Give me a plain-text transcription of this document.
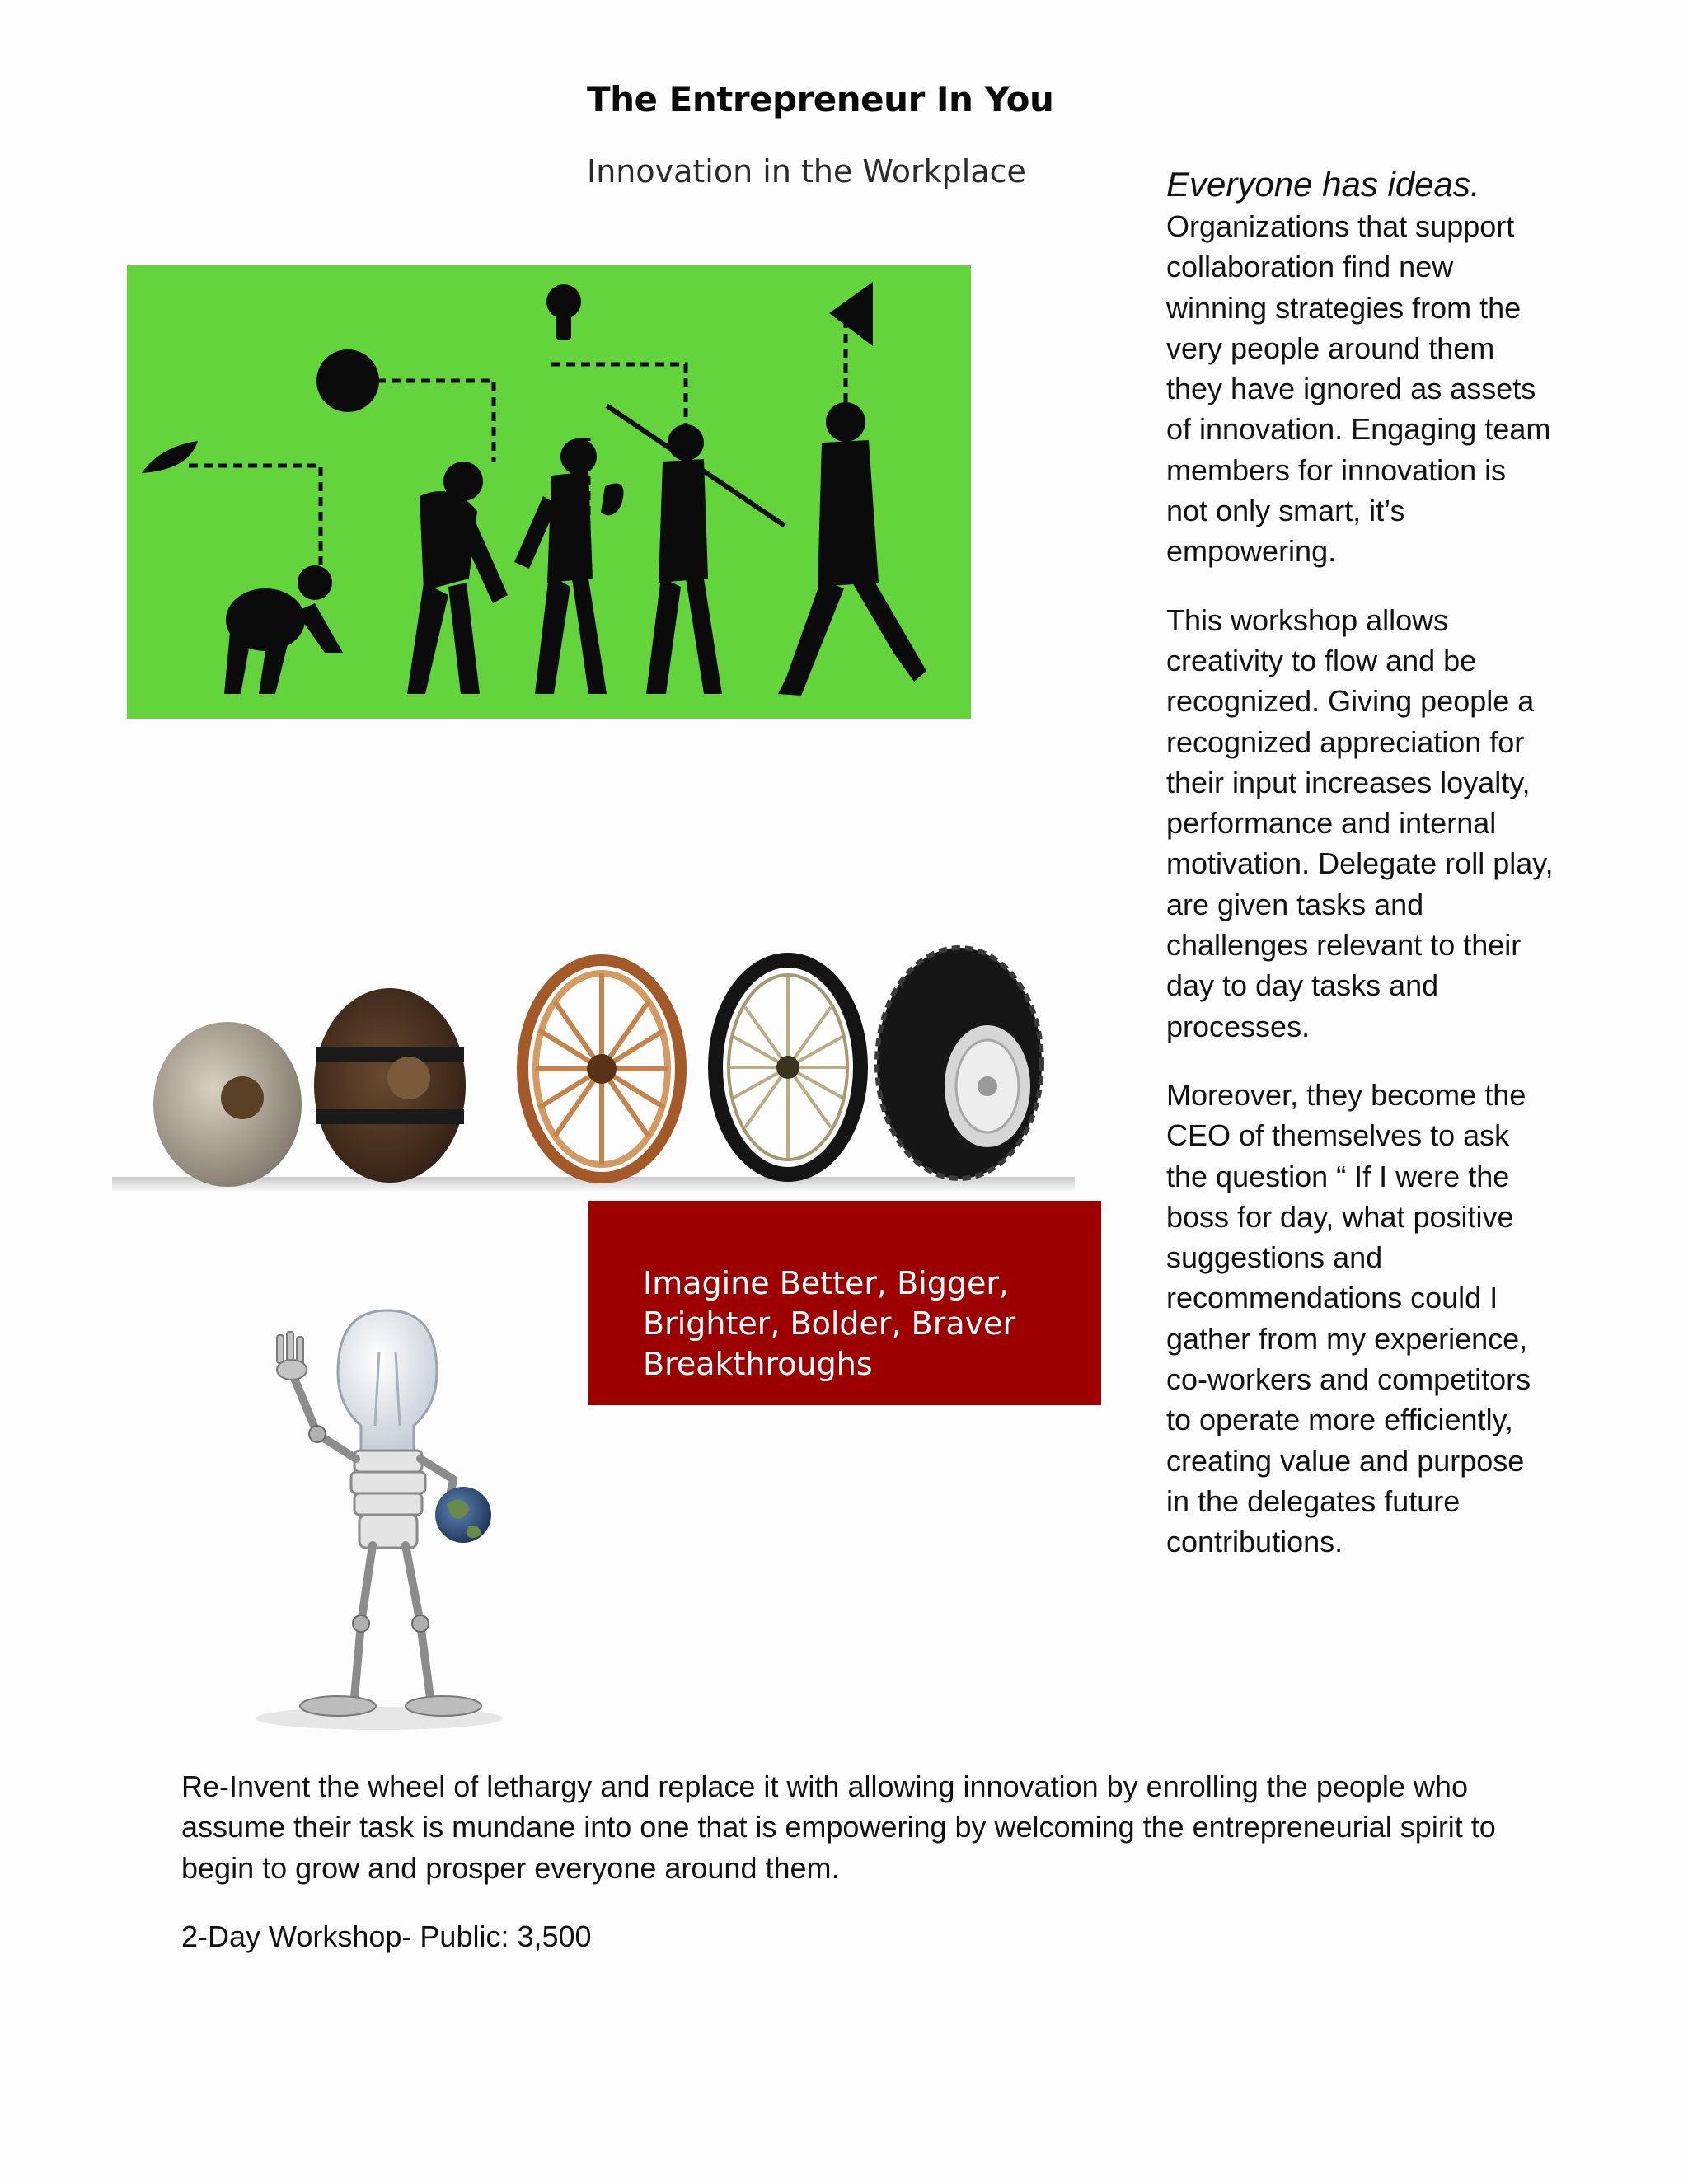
The Entrepreneur In You
Innovation in the Workplace
Imagine Better, Bigger, Brighter, Bolder, Braver Breakthroughs
Everyone has ideas.

Organizations that support collaboration find new winning strategies from the very people around them they have ignored as assets of innovation. Engaging team members for innovation is not only smart, it’s empowering.

This workshop allows creativity to flow and be recognized. Giving people a recognized appreciation for their input increases loyalty, performance and internal motivation. Delegate roll play, are given tasks and challenges relevant to their day to day tasks and processes.

Moreover, they become the CEO of themselves to ask the question “ If I were the boss for day, what positive suggestions and recommendations could I gather from my experience, co-workers and competitors to operate more efficiently, creating value and purpose in the delegates future contributions.

Re-Invent the wheel of lethargy and replace it with allowing innovation by enrolling the people who assume their task is mundane into one that is empowering by welcoming the entrepreneurial spirit to begin to grow and prosper everyone around them.

2-Day Workshop- Public: 3,500
